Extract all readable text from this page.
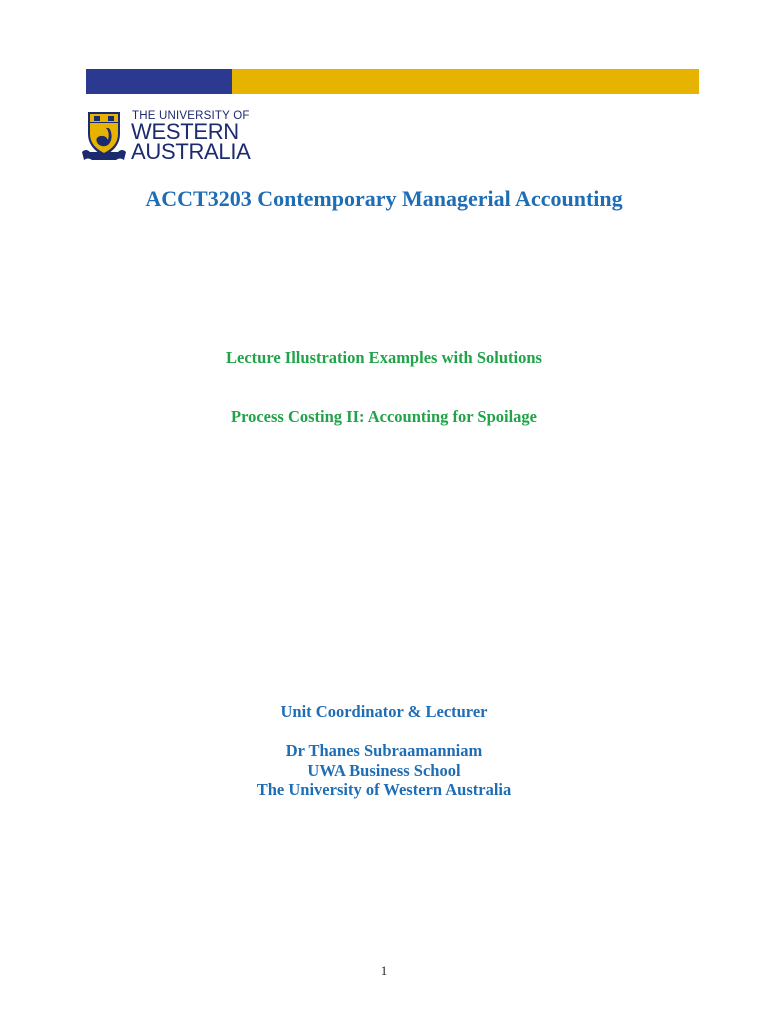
THE UNIVERSITY OF
WESTERN
AUSTRALIA
ACCT3203 Contemporary Managerial Accounting
Lecture Illustration Examples with Solutions
Process Costing II: Accounting for Spoilage
Unit Coordinator & Lecturer
Dr Thanes Subraamanniam
UWA Business School
The University of Western Australia
1
